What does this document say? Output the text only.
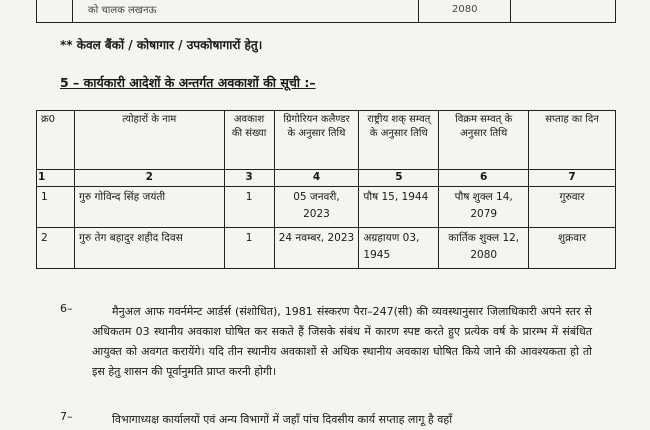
को चालक लखनऊ	2080
** केवल बैंकों / कोषागार / उपकोषागारों हेतु।
5 – कार्यकारी आदेशों के अन्तर्गत अवकाशों की सूची :–
क्र0	त्योहारों के नाम	अवकाश की संख्या	ग्रिगोरियन कलैण्डर के अनुसार तिथि	राष्ट्रीय शक् सम्वत् के अनुसार तिथि	विक्रम सम्वत् के अनुसार तिथि	सप्ताह का दिन
1	2	3	4	5	6	7
1	गुरु गोविन्द सिंह जयंती	1	05 जनवरी, 2023	पौष 15, 1944	पौष शुक्ल 14, 2079	गुरुवार
2	गुरु तेग बहादुर शहीद दिवस	1	24 नवम्बर, 2023	अग्रहायण 03, 1945	कार्तिक शुक्ल 12, 2080	शुक्रवार
6–	मैनुअल आफ गवर्नमेन्ट आर्डर्स (संशोधित), 1981 संस्करण पैरा–247(सी) की व्यवस्थानुसार जिलाधिकारी अपने स्तर से अधिकतम 03 स्थानीय अवकाश घोषित कर सकते हैं जिसके संबंध में कारण स्पष्ट करते हुए प्रत्येक वर्ष के प्रारम्भ में संबंधित आयुक्त को अवगत करायेंगे। यदि तीन स्थानीय अवकाशों से अधिक स्थानीय अवकाश घोषित किये जाने की आवश्यकता हो तो इस हेतु शासन की पूर्वानुमति प्राप्त करनी होगी।
7–	विभागाध्यक्ष कार्यालयों एवं अन्य विभागों में जहाँ पांच दिवसीय कार्य सप्ताह लागू है वहाँ
